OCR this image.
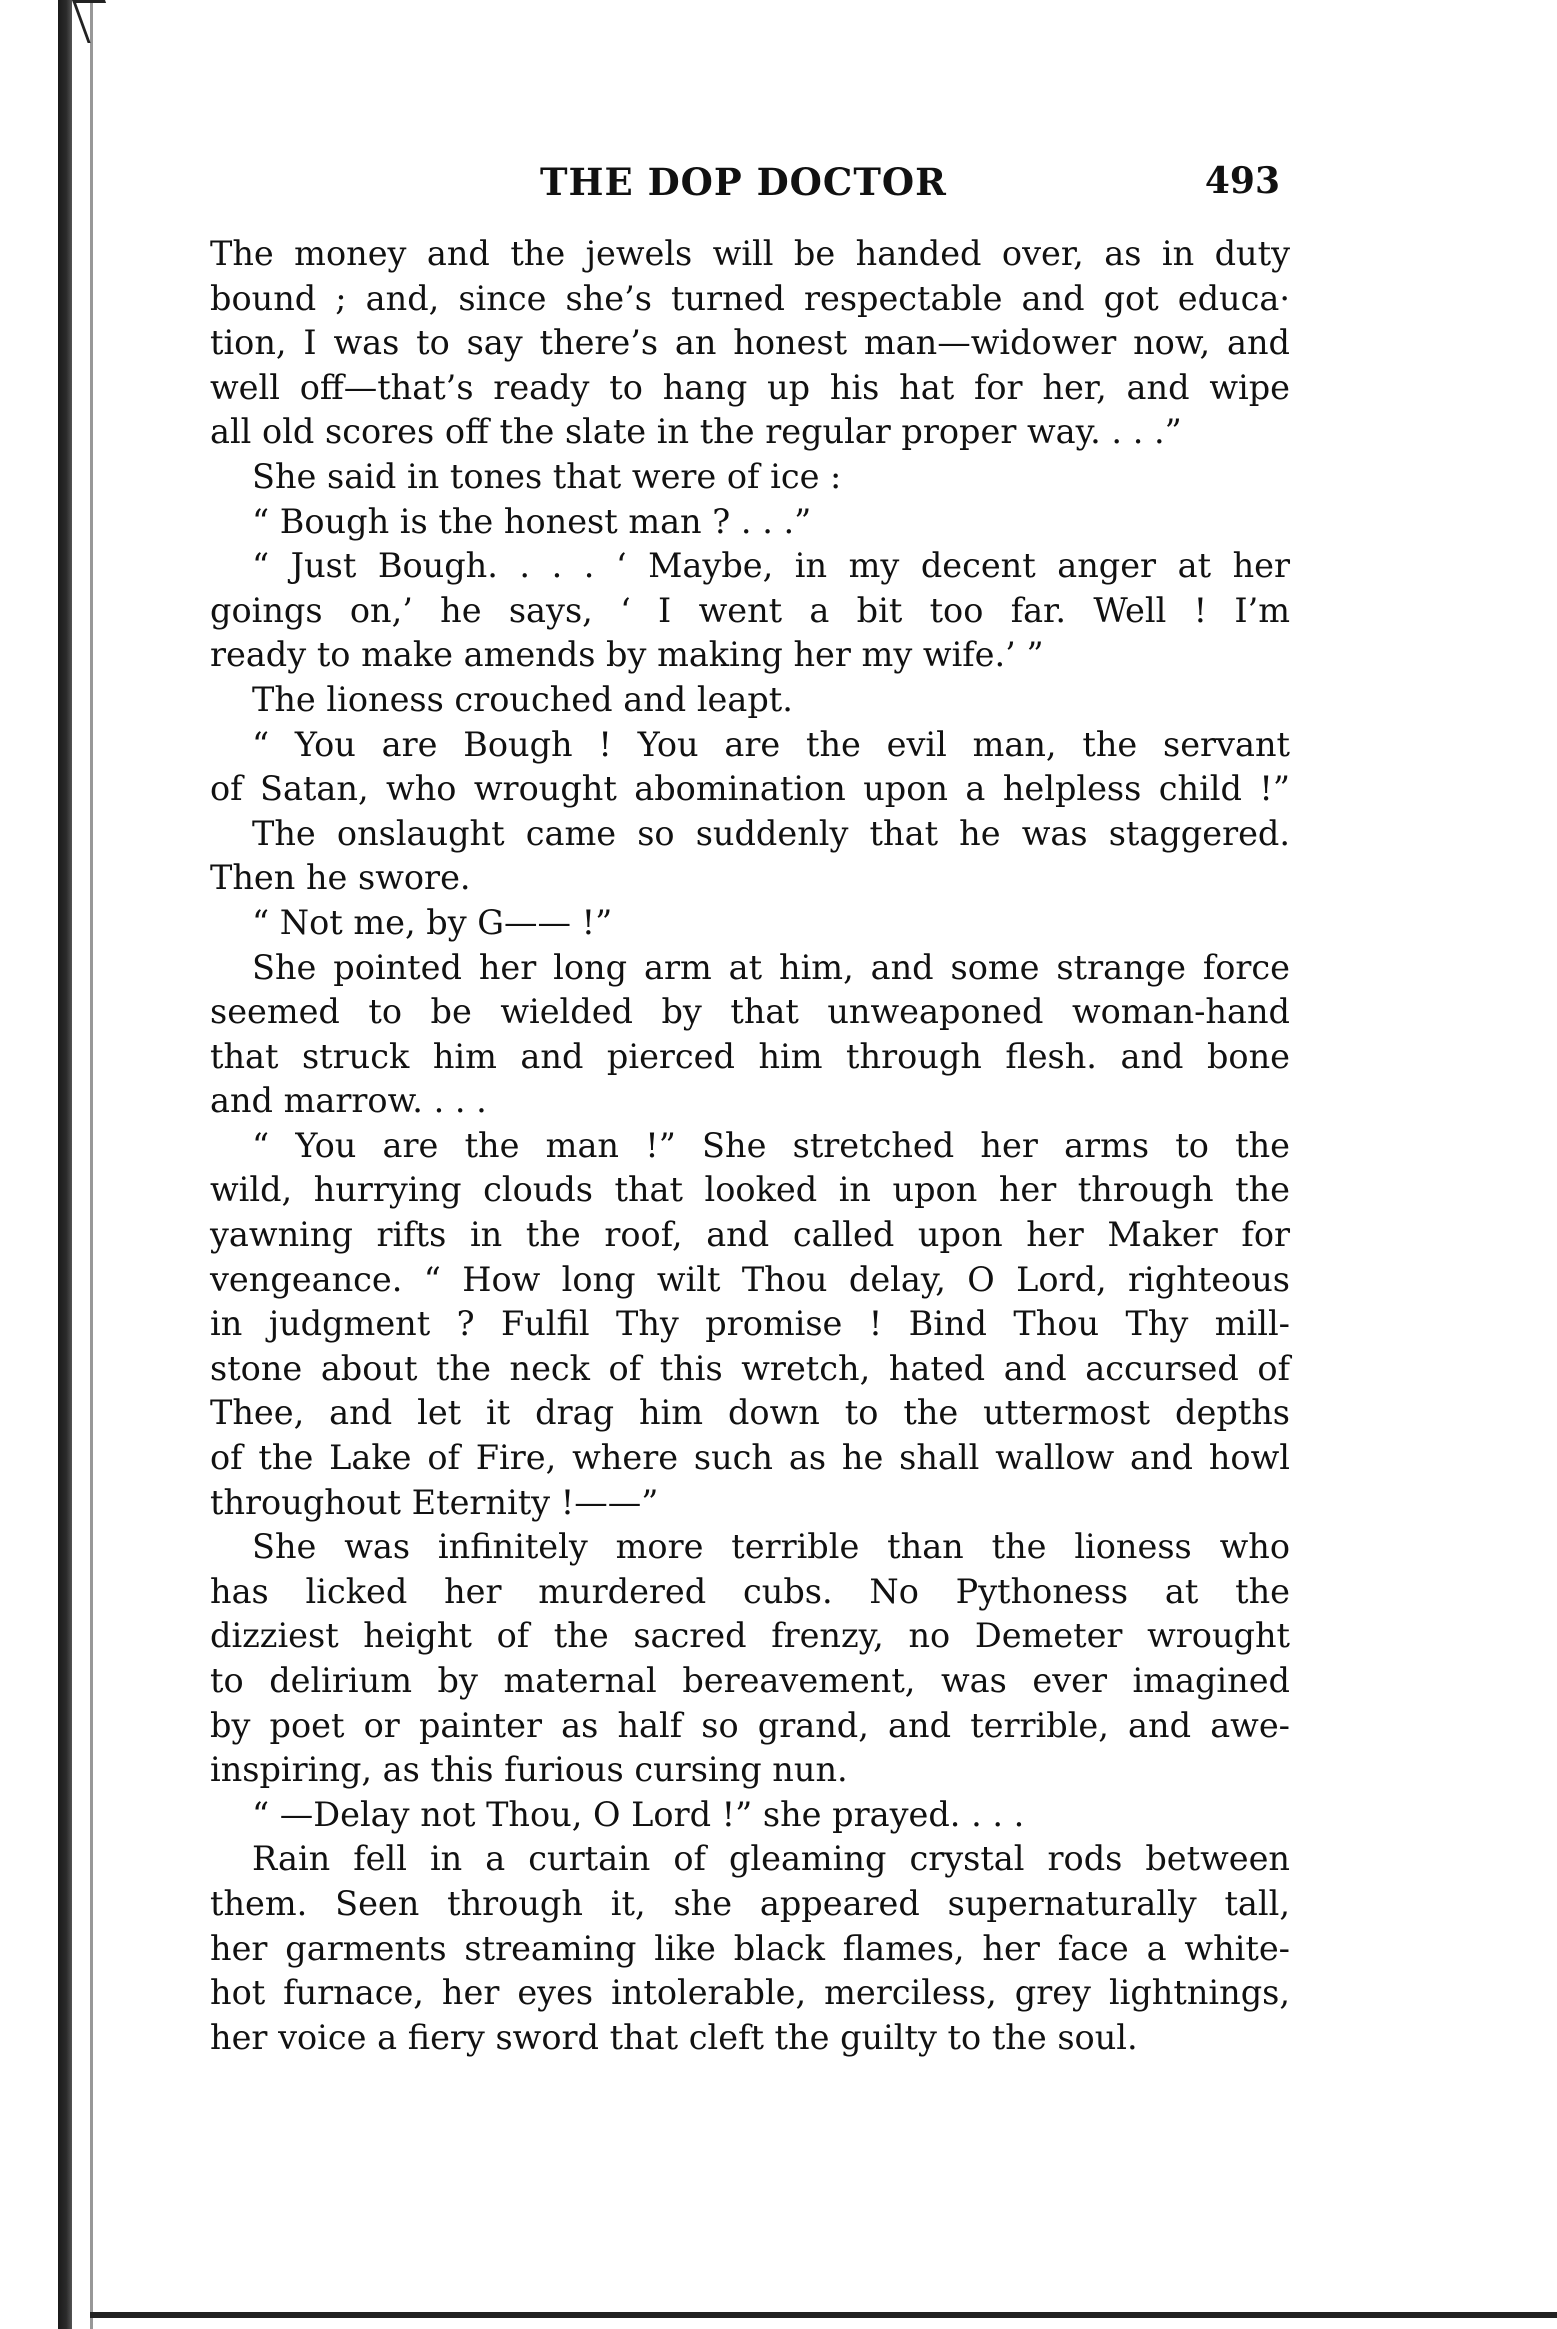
THE DOP DOCTOR	493
The money and the jewels will be handed over, as in duty
bound ; and, since she’s turned respectable and got educa·
tion, I was to say there’s an honest man—widower now, and
well off—that’s ready to hang up his hat for her, and wipe
all old scores off the slate in the regular proper way. . . .”
She said in tones that were of ice :
“ Bough is the honest man ? . . .”
“ Just Bough. . . . ‘ Maybe, in my decent anger at her
goings on,’ he says, ‘ I went a bit too far. Well ! I’m
ready to make amends by making her my wife.’ ”
The lioness crouched and leapt.
“ You are Bough ! You are the evil man, the servant
of Satan, who wrought abomination upon a helpless child !”
The onslaught came so suddenly that he was staggered.
Then he swore.
“ Not me, by G—— !”
She pointed her long arm at him, and some strange force
seemed to be wielded by that unweaponed woman-hand
that struck him and pierced him through flesh. and bone
and marrow. . . .
“ You are the man !” She stretched her arms to the
wild, hurrying clouds that looked in upon her through the
yawning rifts in the roof, and called upon her Maker for
vengeance. “ How long wilt Thou delay, O Lord, righteous
in judgment ? Fulfil Thy promise ! Bind Thou Thy mill-
stone about the neck of this wretch, hated and accursed of
Thee, and let it drag him down to the uttermost depths
of the Lake of Fire, where such as he shall wallow and howl
throughout Eternity !——”
She was infinitely more terrible than the lioness who
has licked her murdered cubs. No Pythoness at the
dizziest height of the sacred frenzy, no Demeter wrought
to delirium by maternal bereavement, was ever imagined
by poet or painter as half so grand, and terrible, and awe-
inspiring, as this furious cursing nun.
“ —Delay not Thou, O Lord !” she prayed. . . .
Rain fell in a curtain of gleaming crystal rods between
them. Seen through it, she appeared supernaturally tall,
her garments streaming like black flames, her face a white-
hot furnace, her eyes intolerable, merciless, grey lightnings,
her voice a fiery sword that cleft the guilty to the soul.
